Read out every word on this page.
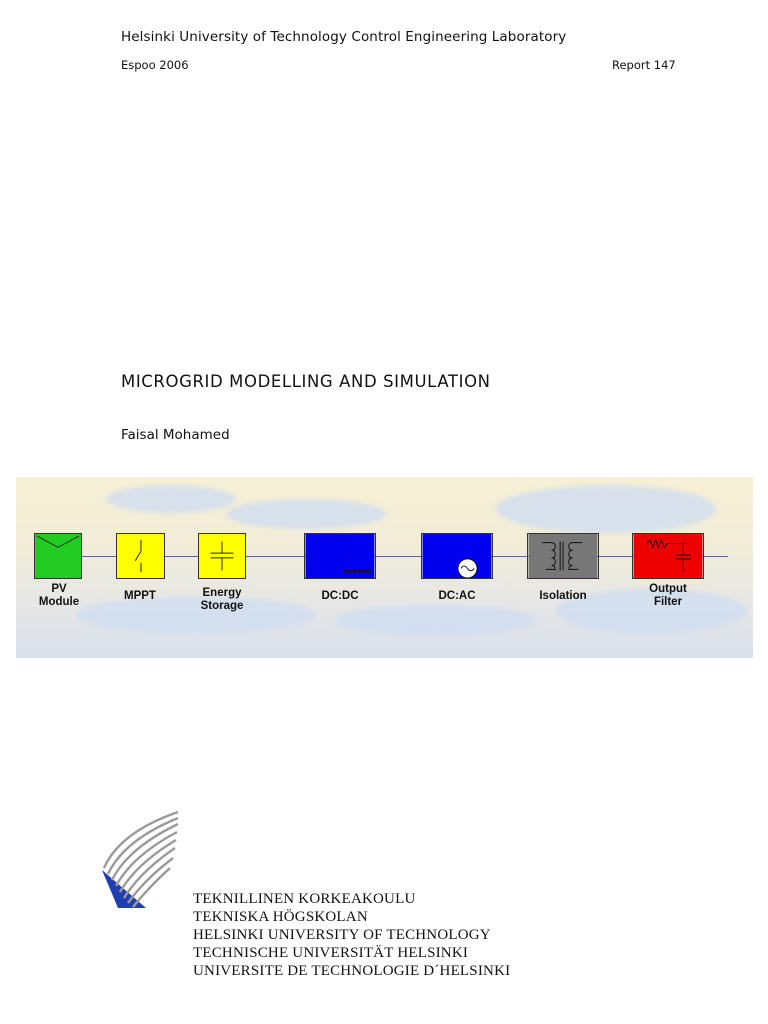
Helsinki University of Technology Control Engineering Laboratory
Espoo 2006	Report 147
MICROGRID MODELLING AND SIMULATION
Faisal Mohamed
PV
Module	MPPT	Energy
Storage
DC:DC	DC:AC	Isolation
Output
Filter
TEKNILLINEN KORKEAKOULU
TEKNISKA HÖGSKOLAN
HELSINKI UNIVERSITY OF TECHNOLOGY
TECHNISCHE UNIVERSITÄT HELSINKI
UNIVERSITE DE TECHNOLOGIE D´HELSINKI
